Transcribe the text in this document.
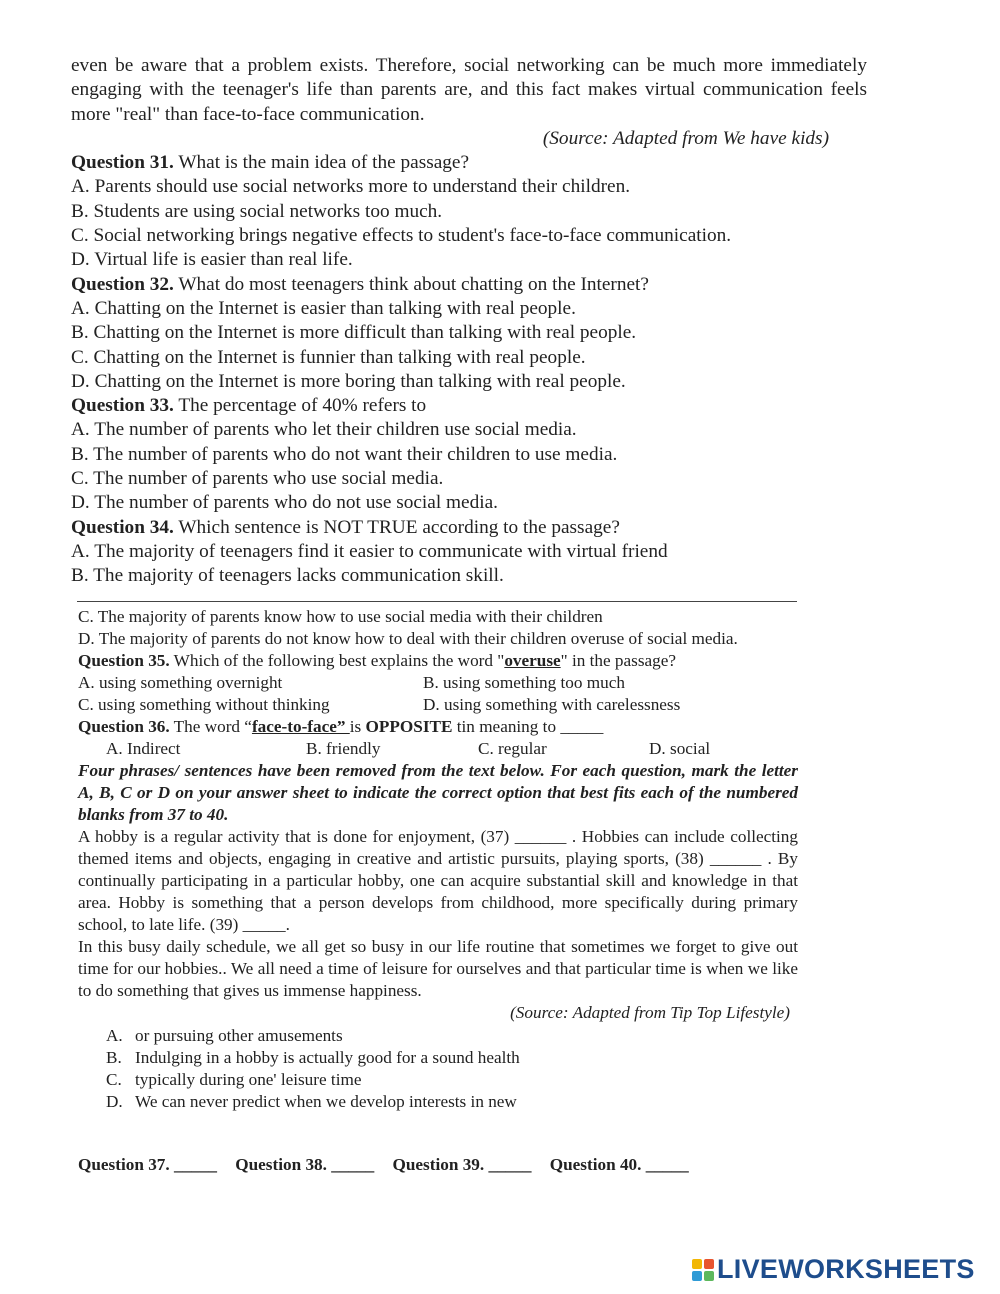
even be aware that a problem exists. Therefore, social networking can be much more immediately engaging with the teenager's life than parents are, and this fact makes virtual communication feels more "real" than face-to-face communication.

(Source: Adapted from We have kids)

Question 31. What is the main idea of the passage?

A. Parents should use social networks more to understand their children.

B. Students are using social networks too much.

C. Social networking brings negative effects to student's face-to-face communication.

D. Virtual life is easier than real life.

Question 32. What do most teenagers think about chatting on the Internet?

A. Chatting on the Internet is easier than talking with real people.

B. Chatting on the Internet is more difficult than talking with real people.

C. Chatting on the Internet is funnier than talking with real people.

D. Chatting on the Internet is more boring than talking with real people.

Question 33. The percentage of 40% refers to

A. The number of parents who let their children use social media.

B. The number of parents who do not want their children to use media.

C. The number of parents who use social media.

D. The number of parents who do not use social media.

Question 34. Which sentence is NOT TRUE according to the passage?

A. The majority of teenagers find it easier to communicate with virtual friend

B. The majority of teenagers lacks communication skill.

C. The majority of parents know how to use social media with their children

D. The majority of parents do not know how to deal with their children overuse of social media.

Question 35. Which of the following best explains the word "overuse" in the passage?

A. using something overnight	B. using something too much

C. using something without thinking	D. using something with carelessness

Question 36. The word “face-to-face” is OPPOSITE tin meaning to _____

A. Indirect	B. friendly	C. regular	D. social

Four phrases/ sentences have been removed from the text below. For each question, mark the letter A, B, C or D on your answer sheet to indicate the correct option that best fits each of the numbered blanks from 37 to 40.

A hobby is a regular activity that is done for enjoyment, (37) ______ . Hobbies can include collecting themed items and objects, engaging in creative and artistic pursuits, playing sports, (38) ______ . By continually participating in a particular hobby, one can acquire substantial skill and knowledge in that area. Hobby is something that a person develops from childhood, more specifically during primary school, to late life. (39) _____.

In this busy daily schedule, we all get so busy in our life routine that sometimes we forget to give out time for our hobbies.. We all need a time of leisure for ourselves and that particular time is when we like to do something that gives us immense happiness.

(Source: Adapted from Tip Top Lifestyle)

A. or pursuing other amusements

B. Indulging in a hobby is actually good for a sound health

C. typically during one' leisure time

D. We can never predict when we develop interests in new

Question 37. _____ Question 38. _____ Question 39. _____ Question 40. _____
LIVEWORKSHEETS
